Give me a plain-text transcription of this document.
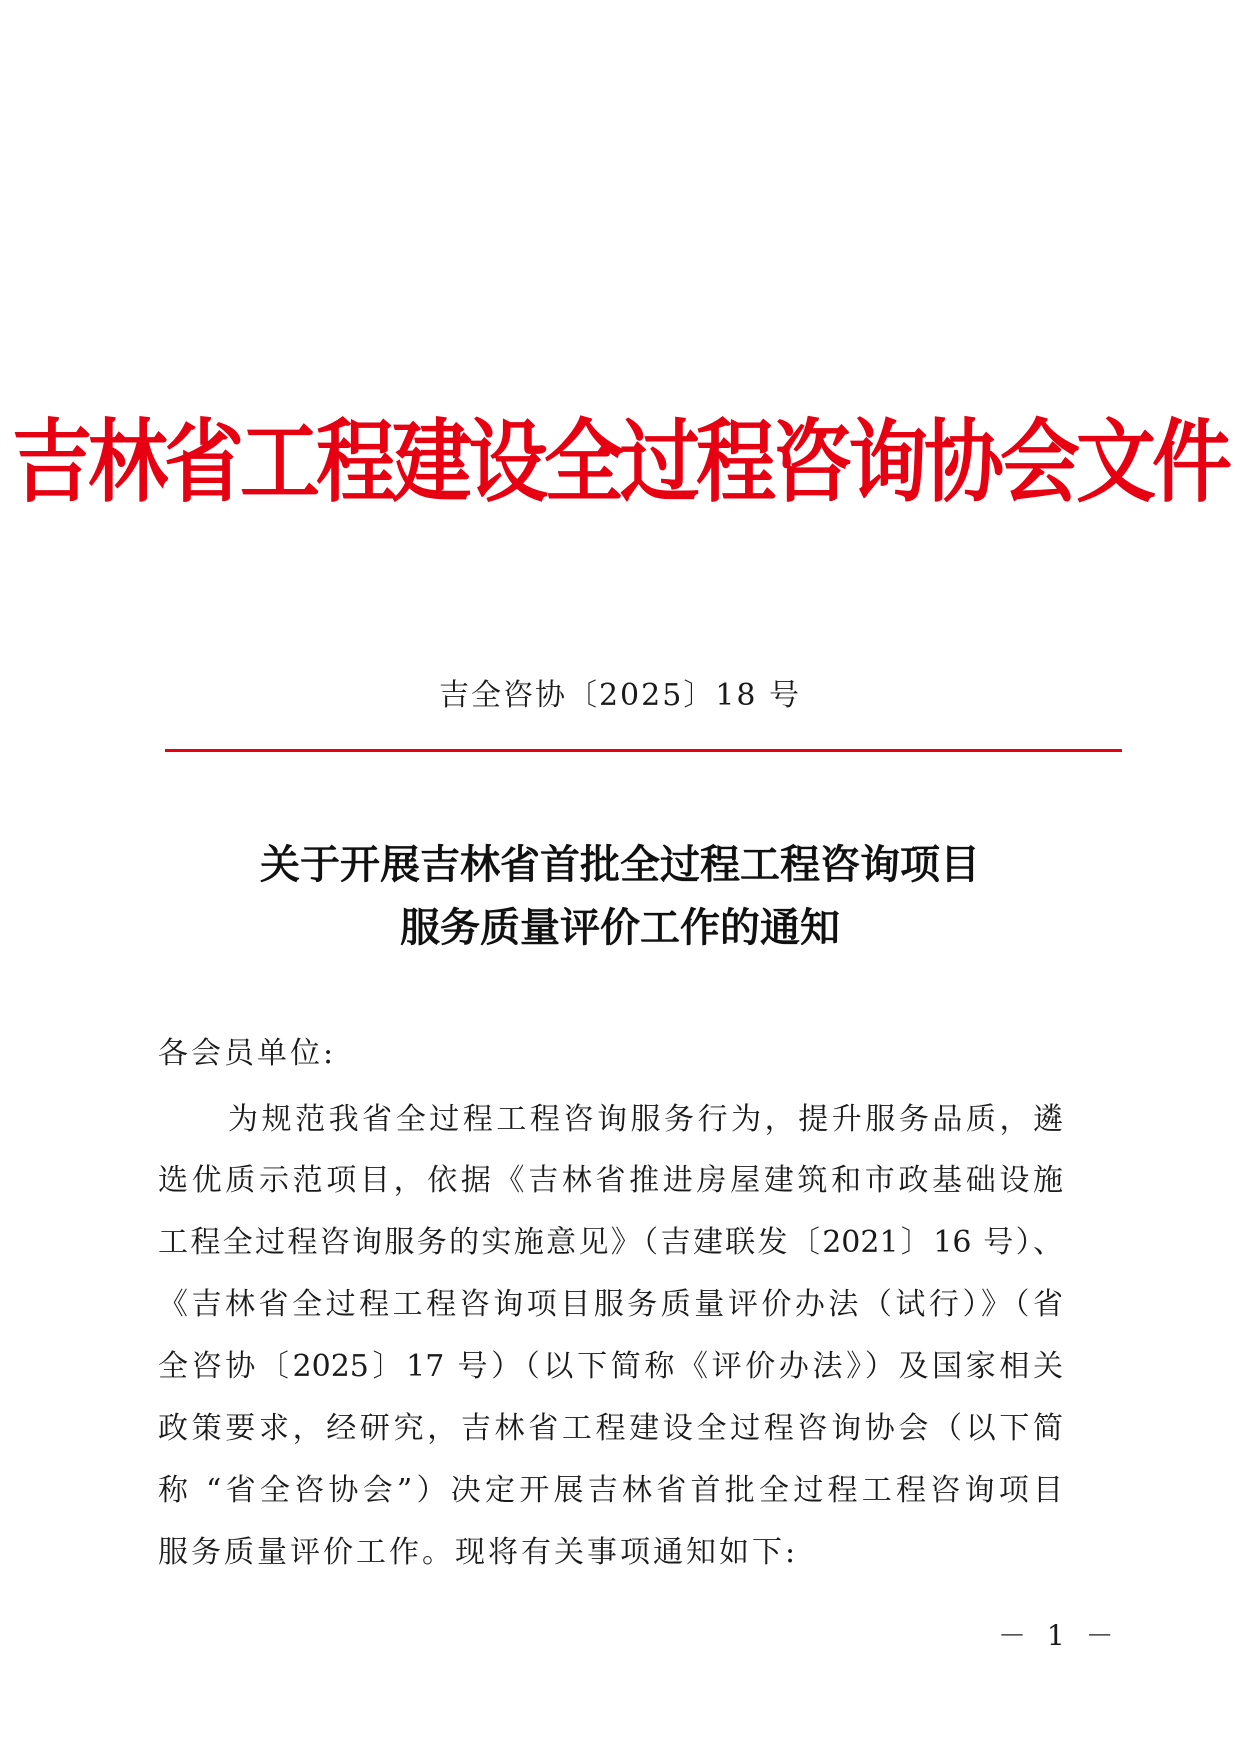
吉林省工程建设全过程咨询协会文件
吉全咨协〔2025〕18 号
关于开展吉林省首批全过程工程咨询项目
服务质量评价工作的通知
各会员单位:
为规范我省全过程工程咨询服务行为，提升服务品质，遴
选优质示范项目，依据《吉林省推进房屋建筑和市政基础设施
工程全过程咨询服务的实施意见》（吉建联发〔2021〕16 号）、
《吉林省全过程工程咨询项目服务质量评价办法（试行）》（省
全咨协〔2025〕17 号）（以下简称《评价办法》）及国家相关
政策要求，经研究，吉林省工程建设全过程咨询协会（以下简
称 “省全咨协会”）决定开展吉林省首批全过程工程咨询项目
服务质量评价工作。现将有关事项通知如下:
－ 1 －
